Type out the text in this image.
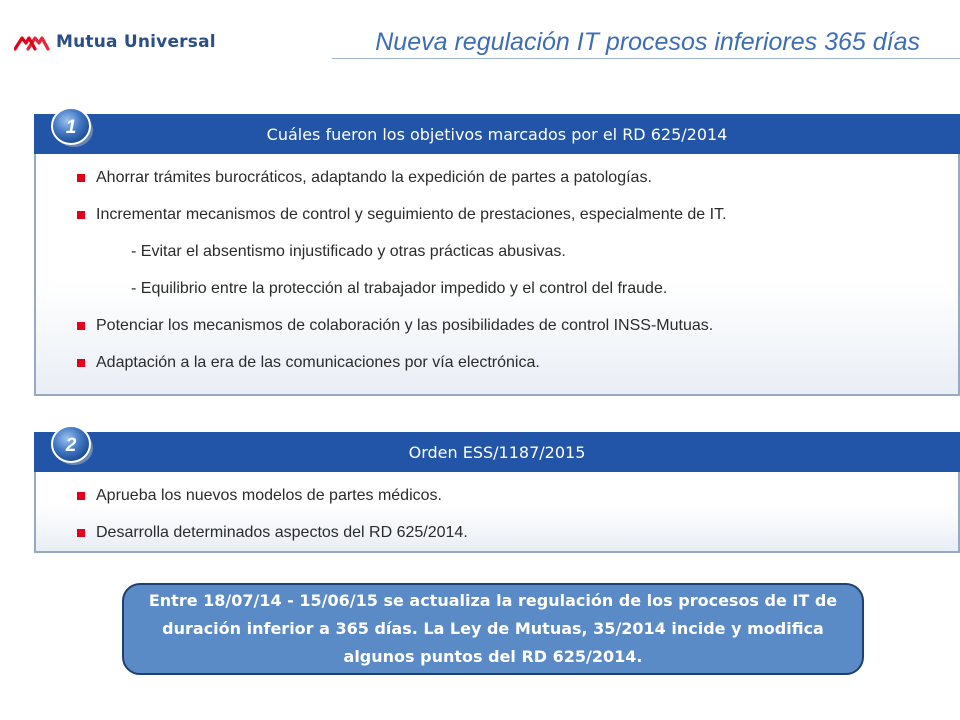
Mutua Universal	Nueva regulación IT procesos inferiores 365 días
Cuáles fueron los objetivos marcados por el RD 625/2014
Ahorrar trámites burocráticos, adaptando la expedición de partes a patologías.
Incrementar mecanismos de control y seguimiento de prestaciones, especialmente de IT.
- Evitar el absentismo injustificado y otras prácticas abusivas.
- Equilibrio entre la protección al trabajador impedido y el control del fraude.
Potenciar los mecanismos de colaboración y las posibilidades de control INSS-Mutuas.
Adaptación a la era de las comunicaciones por vía electrónica.
1
Orden ESS/1187/2015
Aprueba los nuevos modelos de partes médicos.
Desarrolla determinados aspectos del RD 625/2014.
2
Entre 18/07/14 - 15/06/15 se actualiza la regulación de los procesos de IT de duración inferior a 365 días. La Ley de Mutuas, 35/2014 incide y modifica algunos puntos del RD 625/2014.
